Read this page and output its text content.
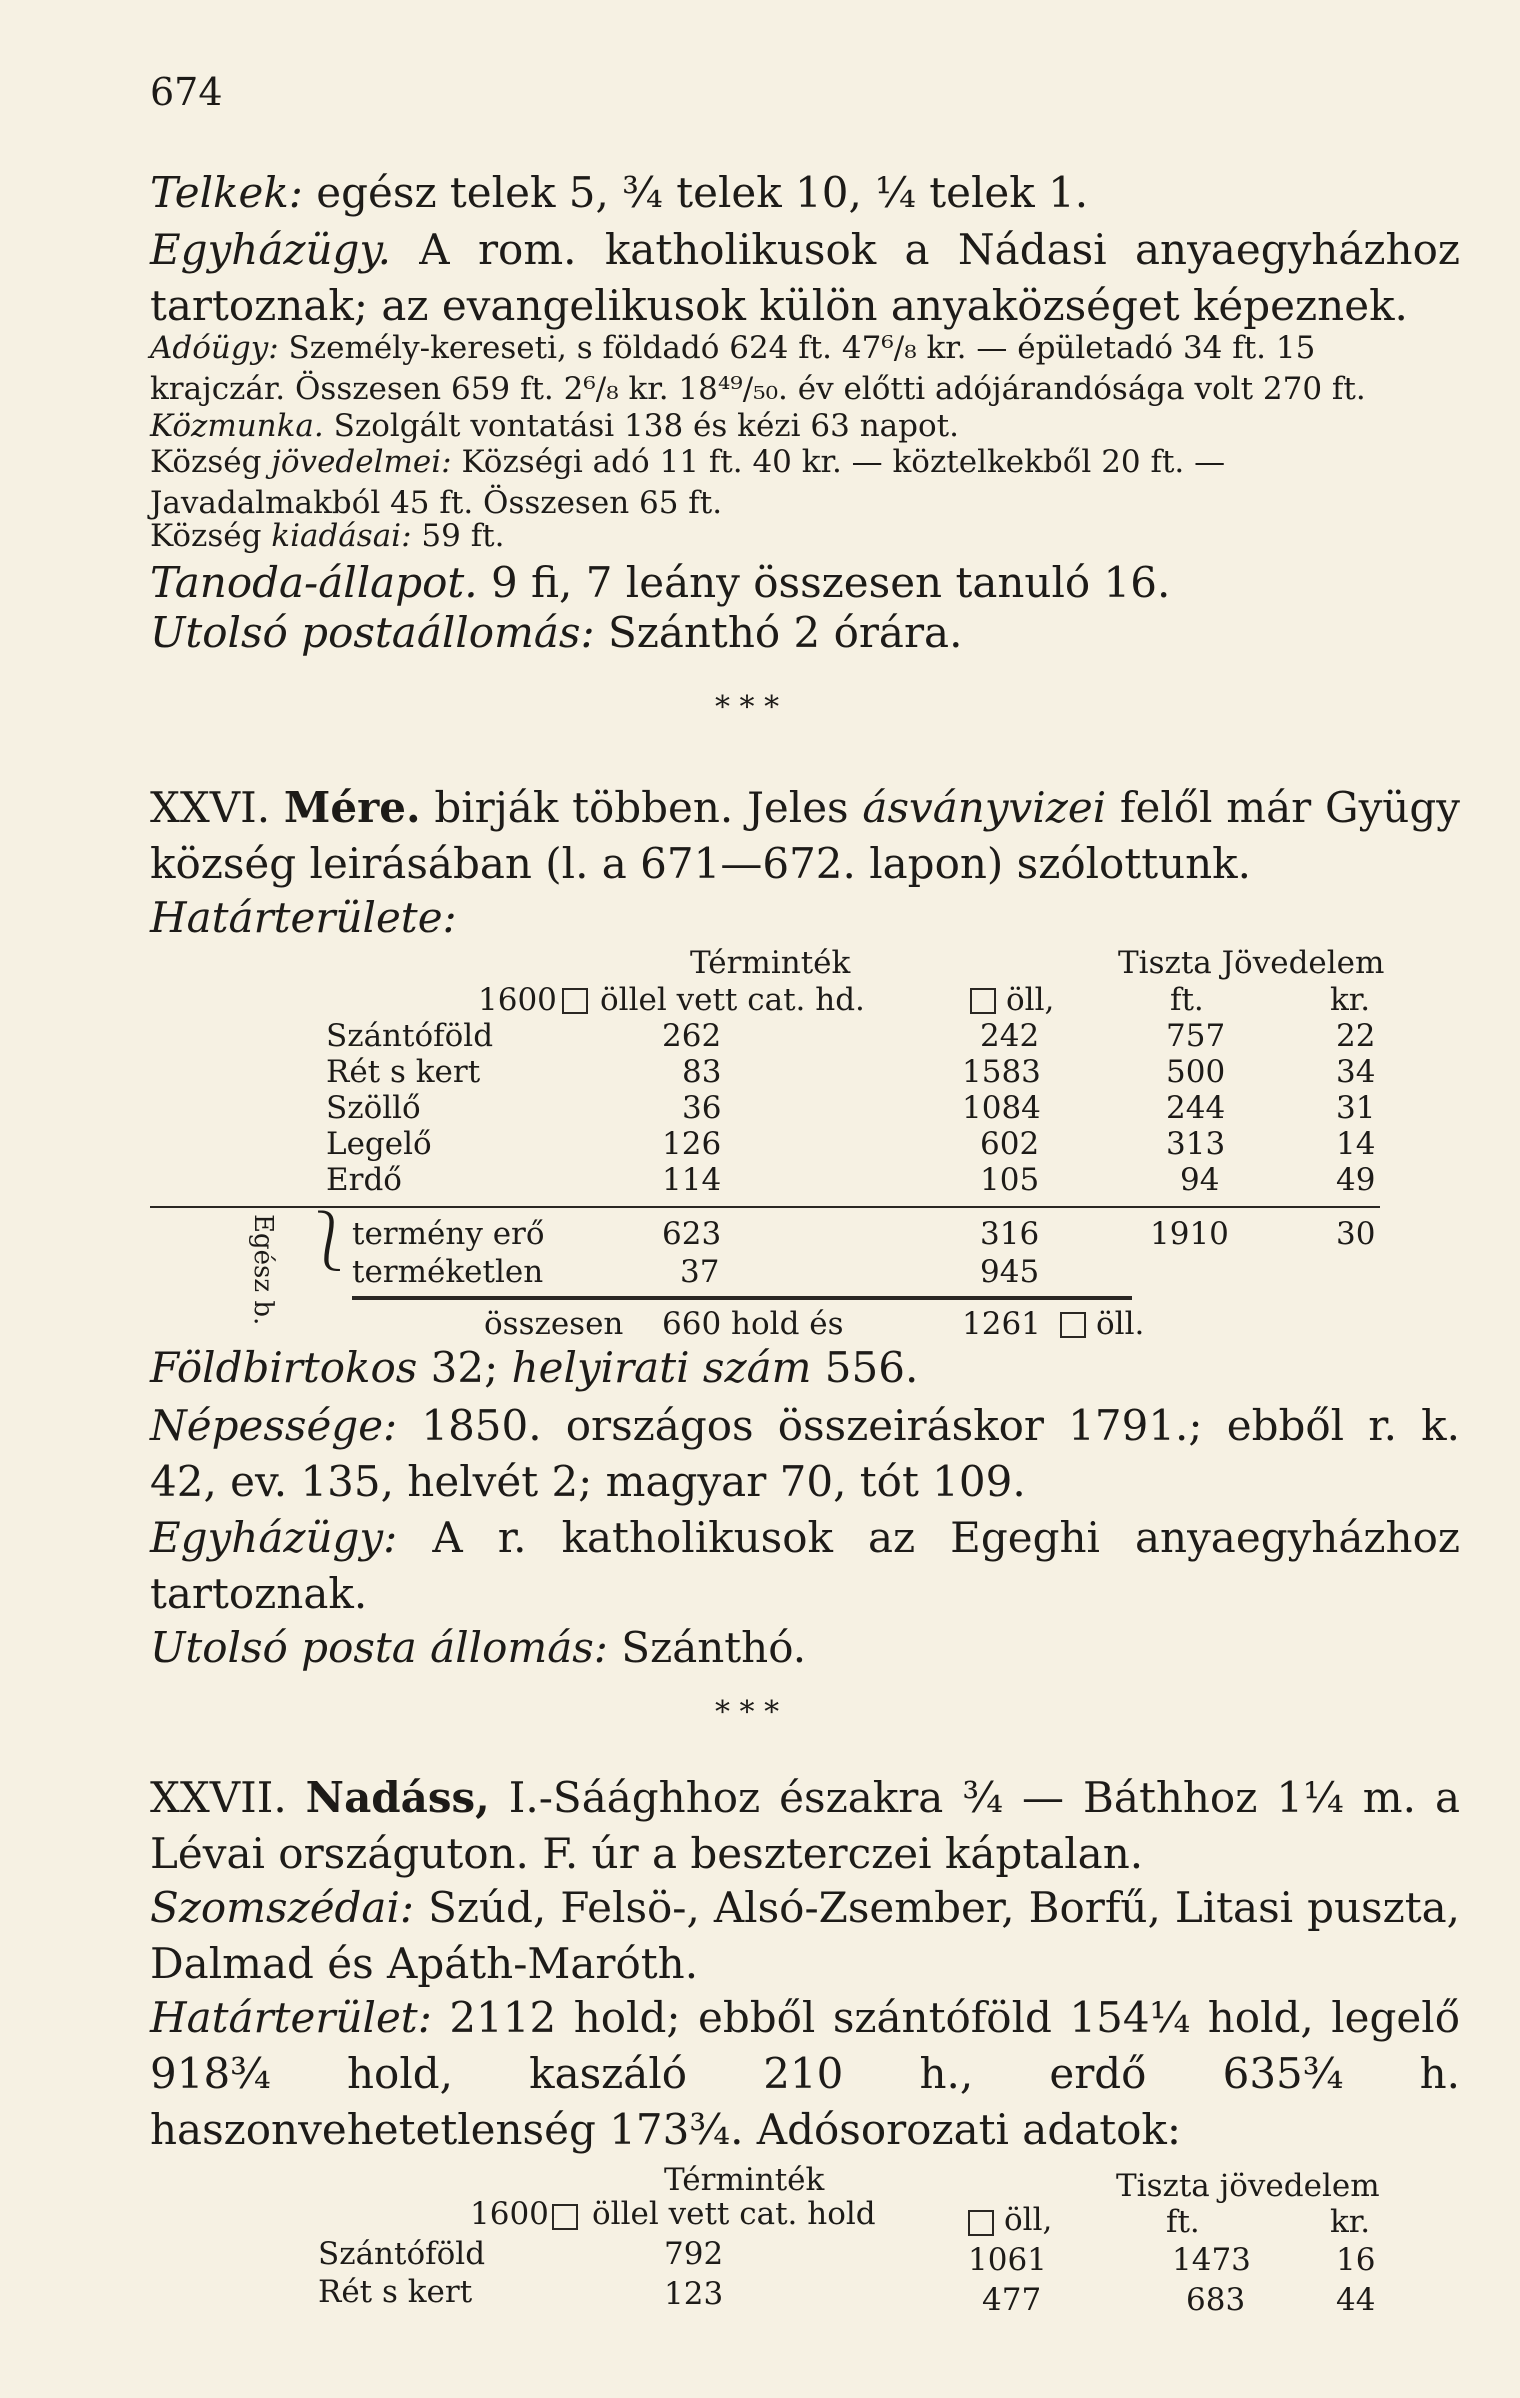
674
Telkek: egész telek 5, ¾ telek 10, ¼ telek 1.
Egyházügy. A rom. katholikusok a Nádasi anyaegyházhoz tartoznak; az evangelikusok külön anyaközséget képeznek.
Adóügy: Személy-kereseti, s földadó 624 ft. 47⁶/₈ kr. — épületadó 34 ft. 15 krajczár. Összesen 659 ft. 2⁶/₈ kr. 18⁴⁹/₅₀. év előtti adójárandósága volt 270 ft.
Közmunka. Szolgált vontatási 138 és kézi 63 napot.
Község jövedelmei: Községi adó 11 ft. 40 kr. — köztelkekből 20 ft. — Javadalmakból 45 ft. Összesen 65 ft.
Község kiadásai: 59 ft.
Tanoda-állapot. 9 fi, 7 leány összesen tanuló 16.
Utolsó postaállomás: Szánthó 2 órára.
* * *
XXVI. Mére. birják többen. Jeles ásványvizei felől már Gyügy község leirásában (l. a 671—672. lapon) szólottunk.
Határterülete:
Términték	Tiszta Jövedelem
1600 öllel vett cat. hd.	öll,	ft.	kr.
Szántóföld	262	242	757	22
Rét s kert	83	1583	500	34
Szöllő	36	1084	244	31
Legelő	126	602	313	14
Erdő	114	105	94	49
Egész b. ⎱
termény erő	623	316	1910	30
terméketlen	37	945
összesen 660 hold és	1261 öll.
Földbirtokos 32; helyirati szám 556.
Népessége: 1850. országos összeiráskor 1791.; ebből r. k. 42, ev. 135, helvét 2; magyar 70, tót 109.
Egyházügy: A r. katholikusok az Egeghi anyaegyházhoz tartoznak.
Utolsó posta állomás: Szánthó.
* * *
XXVII. Nadáss, I.-Sáághhoz északra ¾ — Báthhoz 1¼ m. a Lévai országuton. F. úr a beszterczei káptalan.
Szomszédai: Szúd, Felsö-, Alsó-Zsember, Borfű, Litasi puszta, Dalmad és Apáth-Maróth.
Határterület: 2112 hold; ebből szántóföld 154¼ hold, legelő 918¾ hold, kaszáló 210 h., erdő 635¾ h. haszonvehetetlenség 173¾. Adósorozati adatok:
Términték	Tiszta jövedelem
1600 öllel vett cat. hold	öll,	ft.	kr.
Szántóföld	792	1061	1473	16
Rét s kert	123	477	683	44
